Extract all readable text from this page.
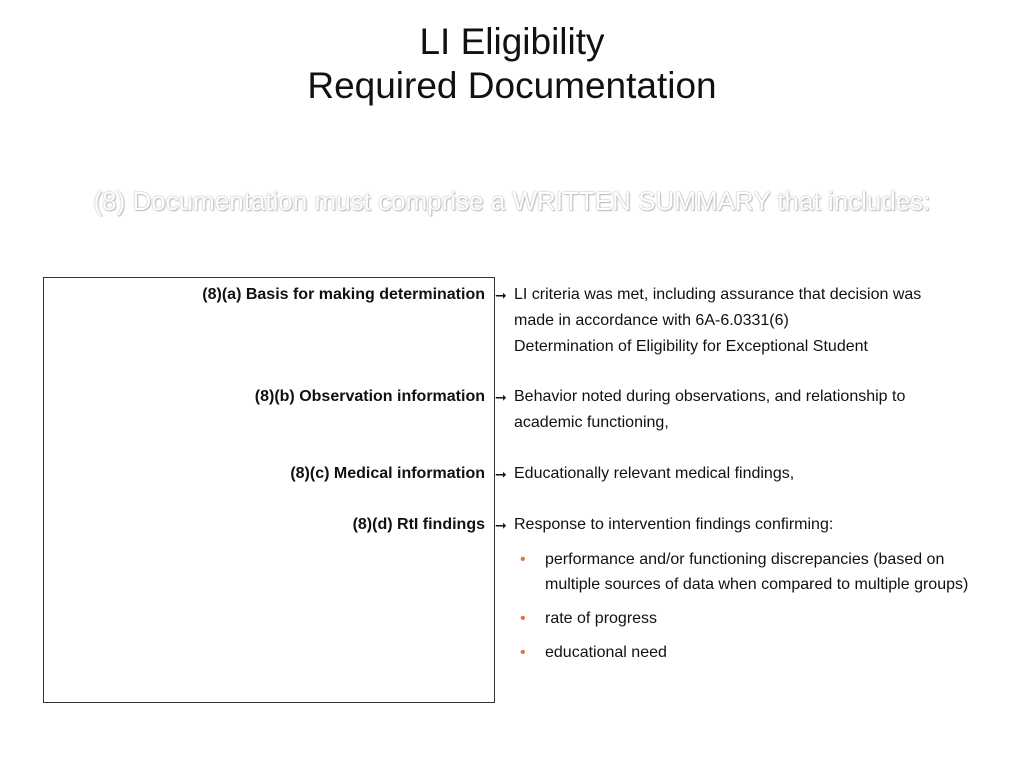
LI Eligibility
Required Documentation
(8) Documentation must comprise a WRITTEN SUMMARY that includes:
(8)(a) Basis for making determination ➞ LI criteria was met, including assurance that decision was
made in accordance with 6A-6.0331(6)
Determination of Eligibility for Exceptional Student
(8)(b) Observation information ➞ Behavior noted during observations, and relationship to
academic functioning,
(8)(c) Medical information ➞ Educationally relevant medical findings,
(8)(d) RtI findings ➞ Response to intervention findings confirming:
• performance and/or functioning discrepancies (based on multiple sources of data when compared to multiple groups)
• rate of progress
• educational need
